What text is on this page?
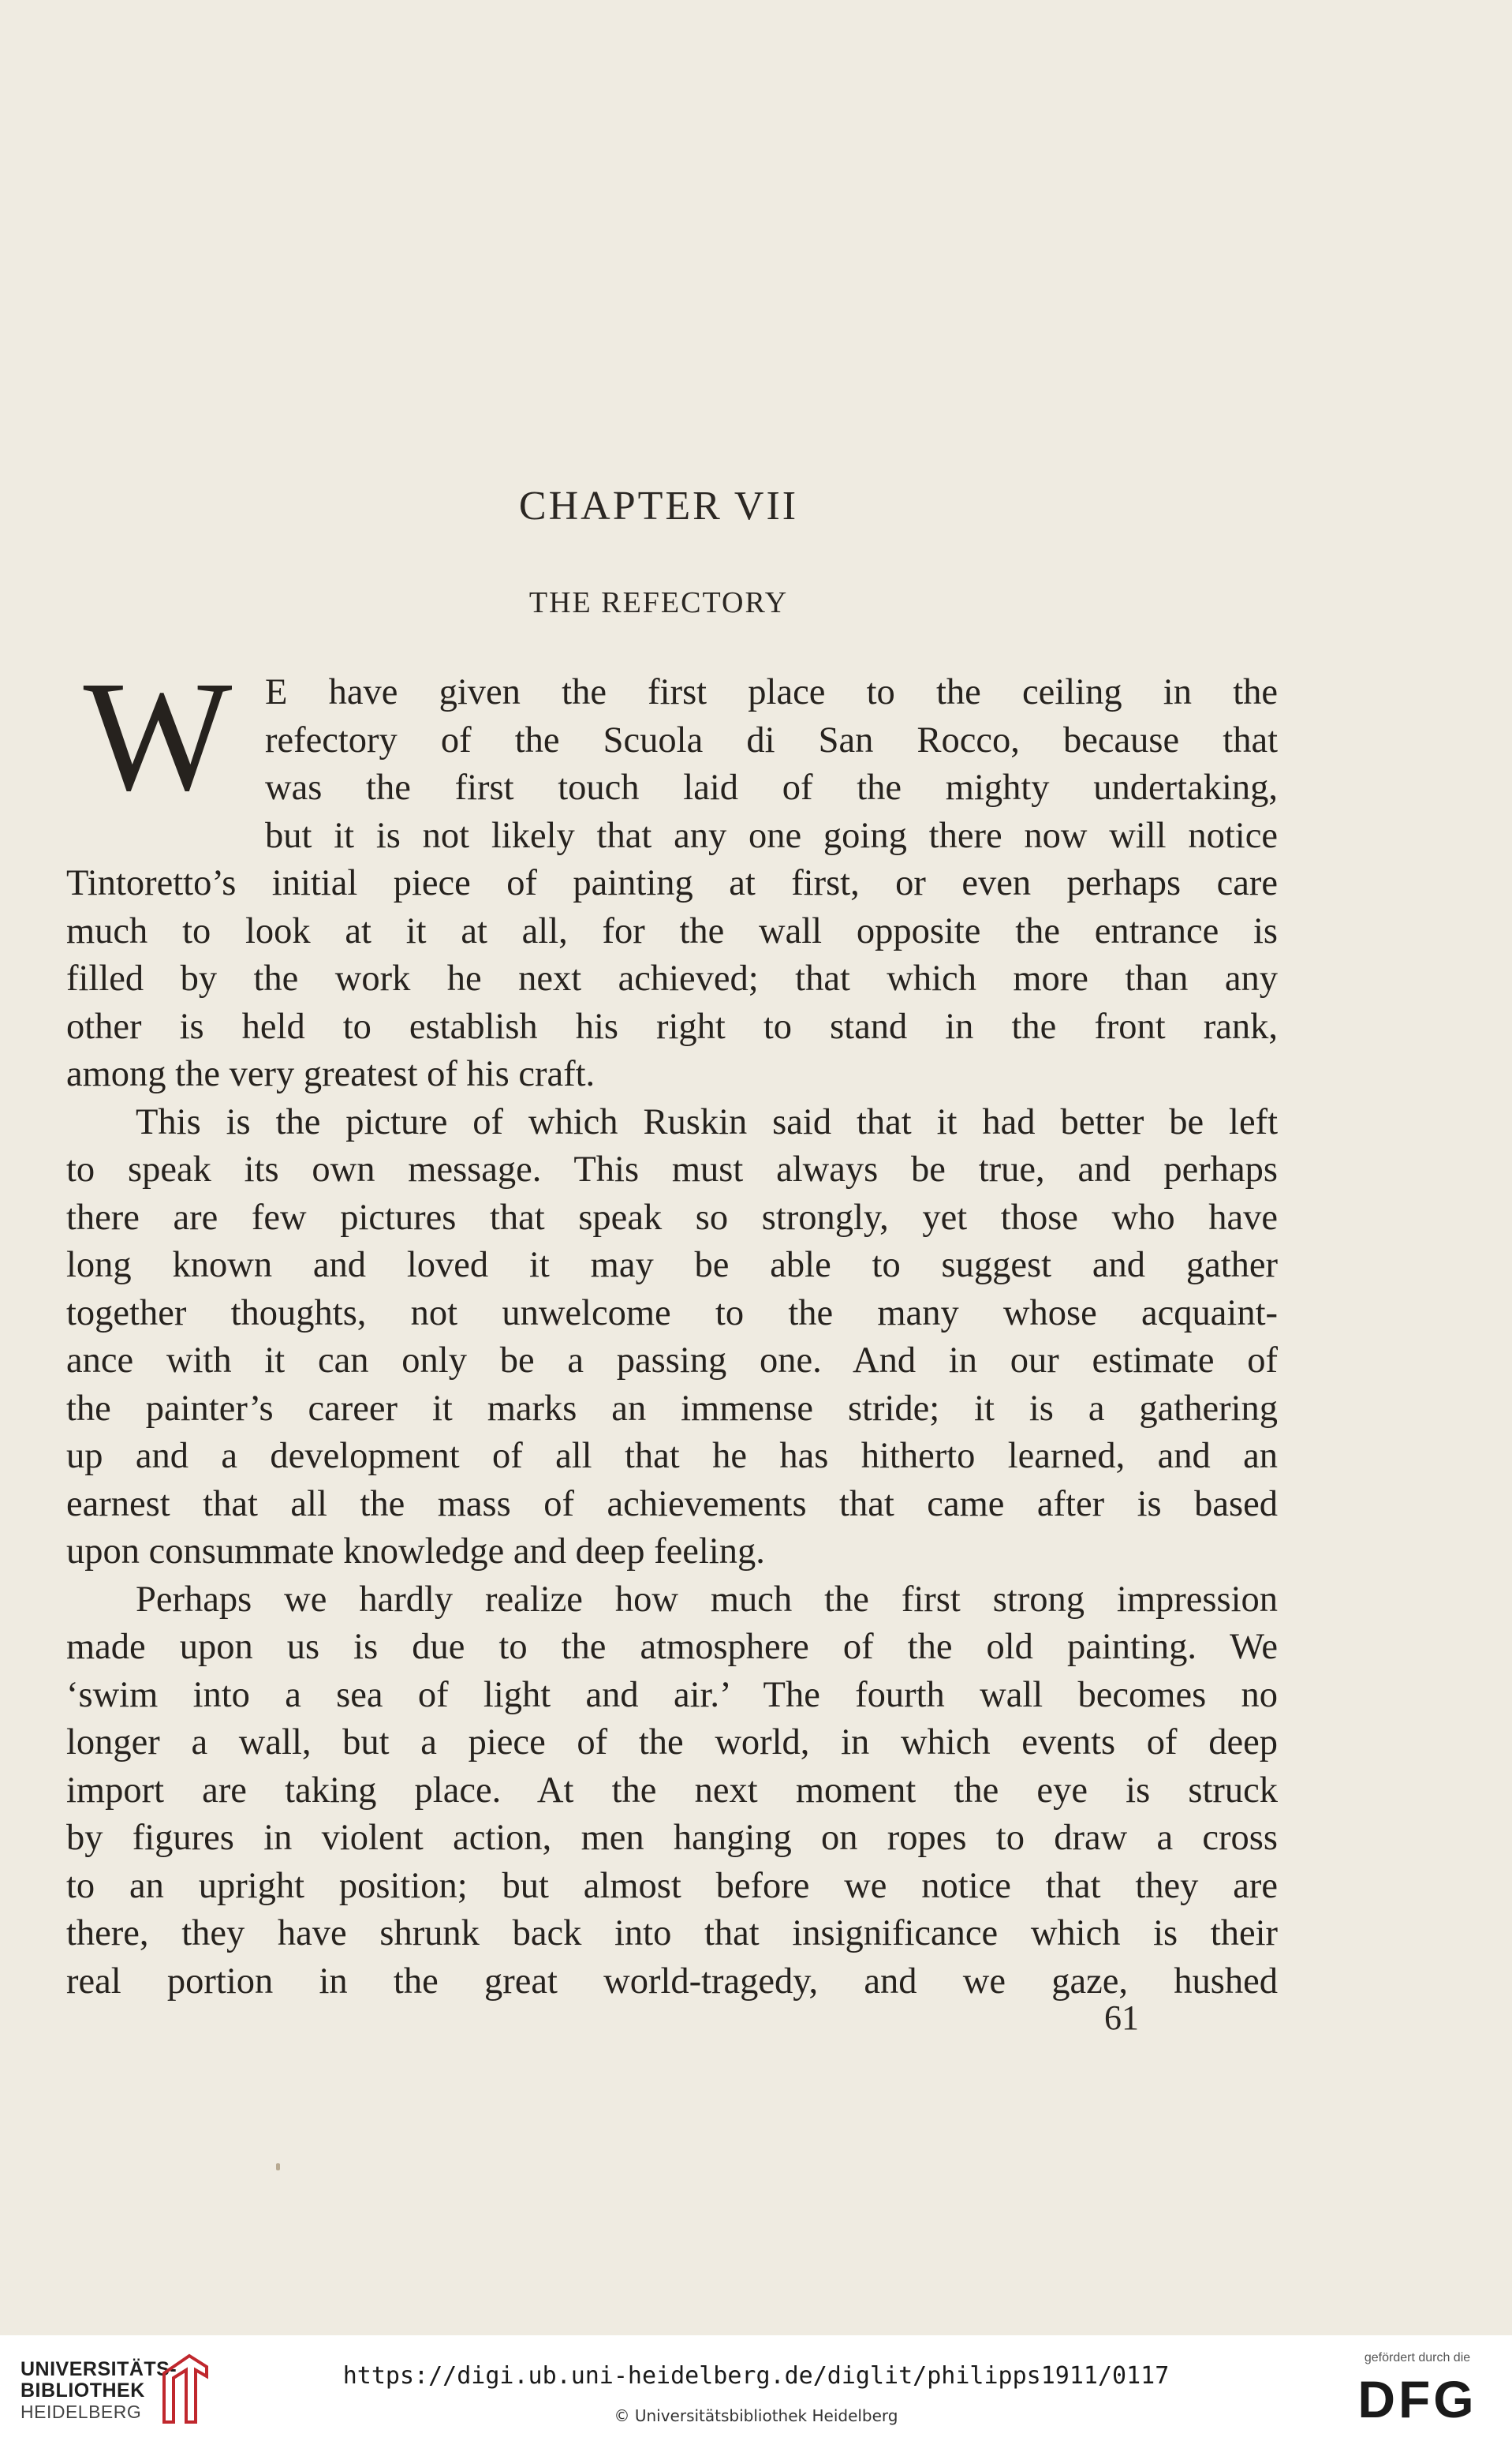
CHAPTER VII
THE REFECTORY
W E have given the first place to the ceiling in the
refectory of the Scuola di San Rocco, because that
was the first touch laid of the mighty undertaking,
but it is not likely that any one going there now will notice
Tintoretto’s initial piece of painting at first, or even perhaps care
much to look at it at all, for the wall opposite the entrance is
filled by the work he next achieved; that which more than any
other is held to establish his right to stand in the front rank,
among the very greatest of his craft.
This is the picture of which Ruskin said that it had better be left
to speak its own message. This must always be true, and perhaps
there are few pictures that speak so strongly, yet those who have
long known and loved it may be able to suggest and gather
together thoughts, not unwelcome to the many whose acquaint-
ance with it can only be a passing one. And in our estimate of
the painter’s career it marks an immense stride; it is a gathering
up and a development of all that he has hitherto learned, and an
earnest that all the mass of achievements that came after is based
upon consummate knowledge and deep feeling.
Perhaps we hardly realize how much the first strong impression
made upon us is due to the atmosphere of the old painting. We
‘swim into a sea of light and air.’ The fourth wall becomes no
longer a wall, but a piece of the world, in which events of deep
import are taking place. At the next moment the eye is struck
by figures in violent action, men hanging on ropes to draw a cross
to an upright position; but almost before we notice that they are
there, they have shrunk back into that insignificance which is their
real portion in the great world-tragedy, and we gaze, hushed
61
UNIVERSITÄTS-
BIBLIOTHEK
HEIDELBERG
https://digi.ub.uni-heidelberg.de/diglit/philipps1911/0117
© Universitätsbibliothek Heidelberg
gefördert durch die
DFG
